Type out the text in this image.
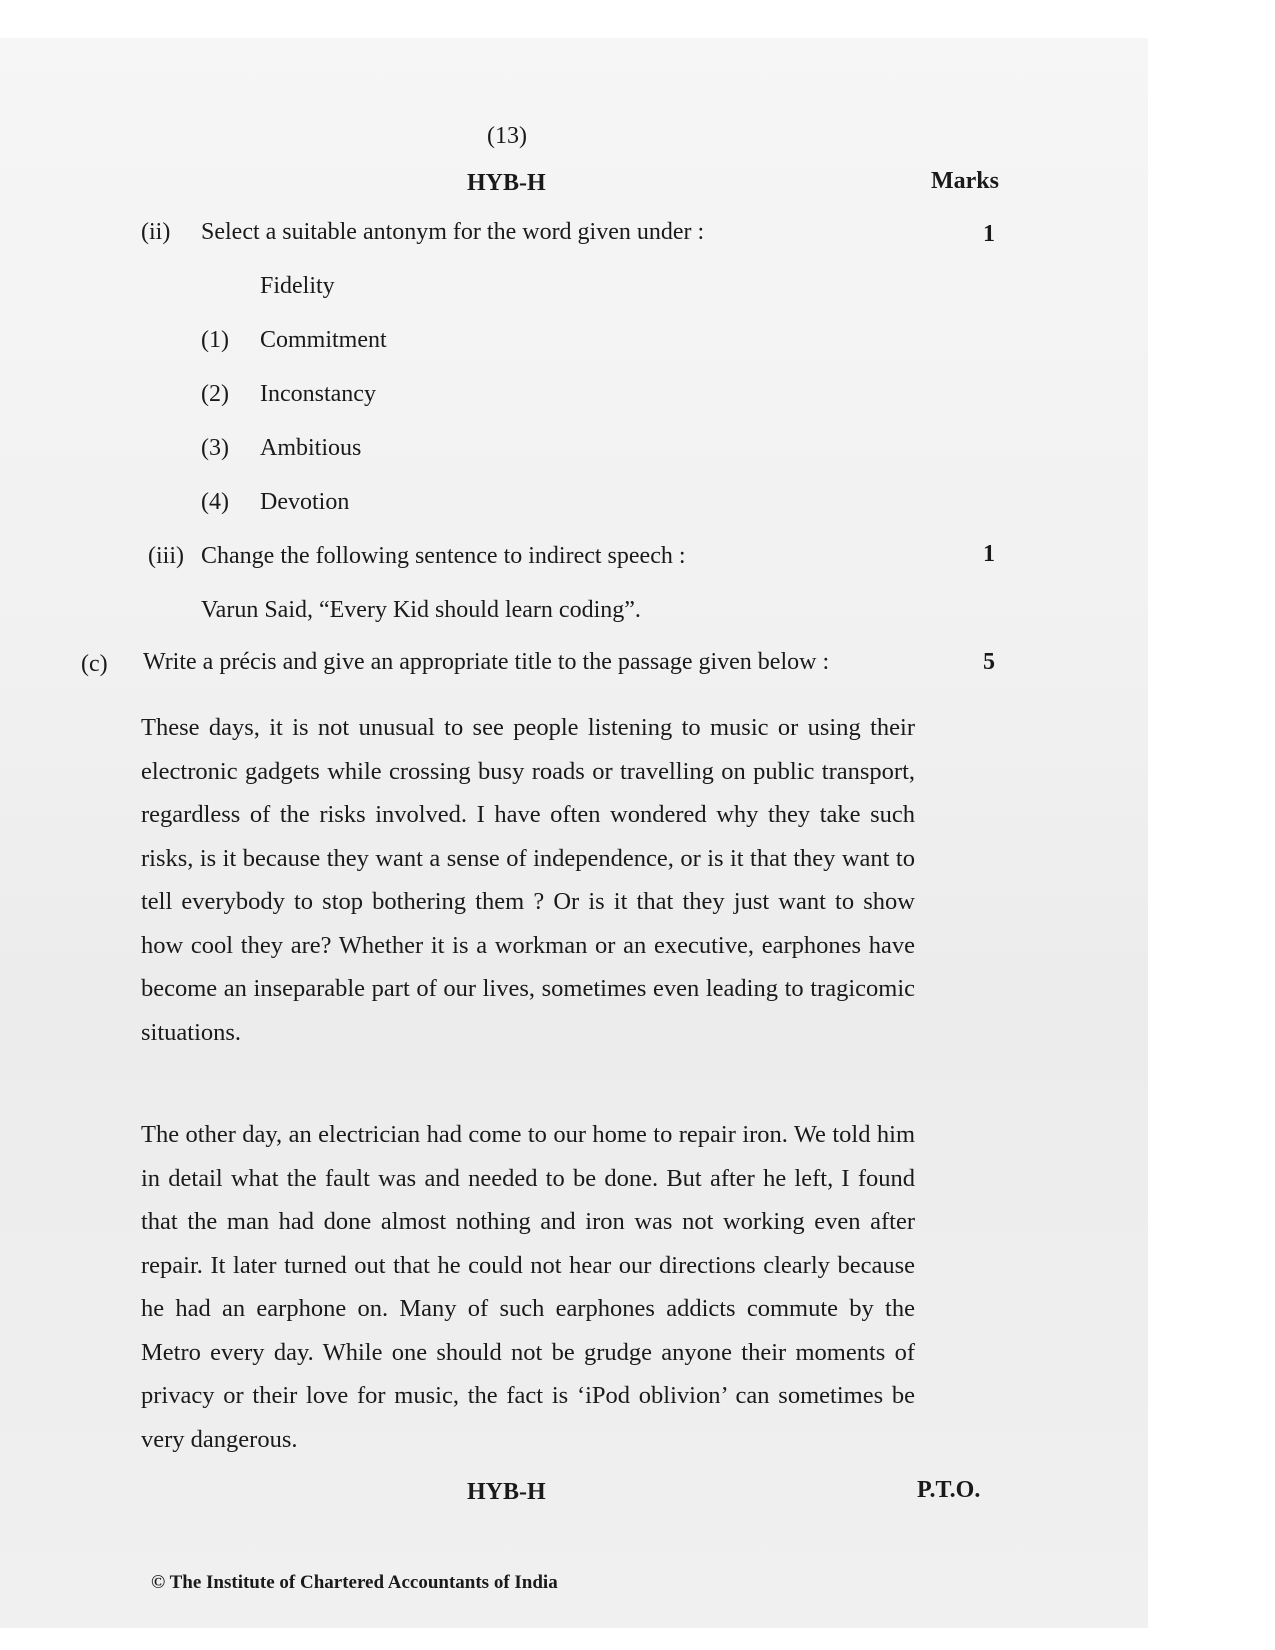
(13)
HYB-H	Marks
(ii) Select a suitable antonym for the word given under :	1
Fidelity
(1) Commitment
(2) Inconstancy
(3) Ambitious
(4) Devotion
(iii) Change the following sentence to indirect speech :	1
Varun Said, “Every Kid should learn coding”.
(c) Write a précis and give an appropriate title to the passage given below :	5
These days, it is not unusual to see people listening to music or using their electronic gadgets while crossing busy roads or travelling on public transport, regardless of the risks involved. I have often wondered why they take such risks, is it because they want a sense of independence, or is it that they want to tell everybody to stop bothering them ? Or is it that they just want to show how cool they are? Whether it is a workman or an executive, earphones have become an inseparable part of our lives, sometimes even leading to tragicomic situations.
The other day, an electrician had come to our home to repair iron. We told him in detail what the fault was and needed to be done. But after he left, I found that the man had done almost nothing and iron was not working even after repair. It later turned out that he could not hear our directions clearly because he had an earphone on. Many of such earphones addicts commute by the Metro every day. While one should not be grudge anyone their moments of privacy or their love for music, the fact is ‘iPod oblivion’ can sometimes be very dangerous.
HYB-H	P.T.O.
© The Institute of Chartered Accountants of India
